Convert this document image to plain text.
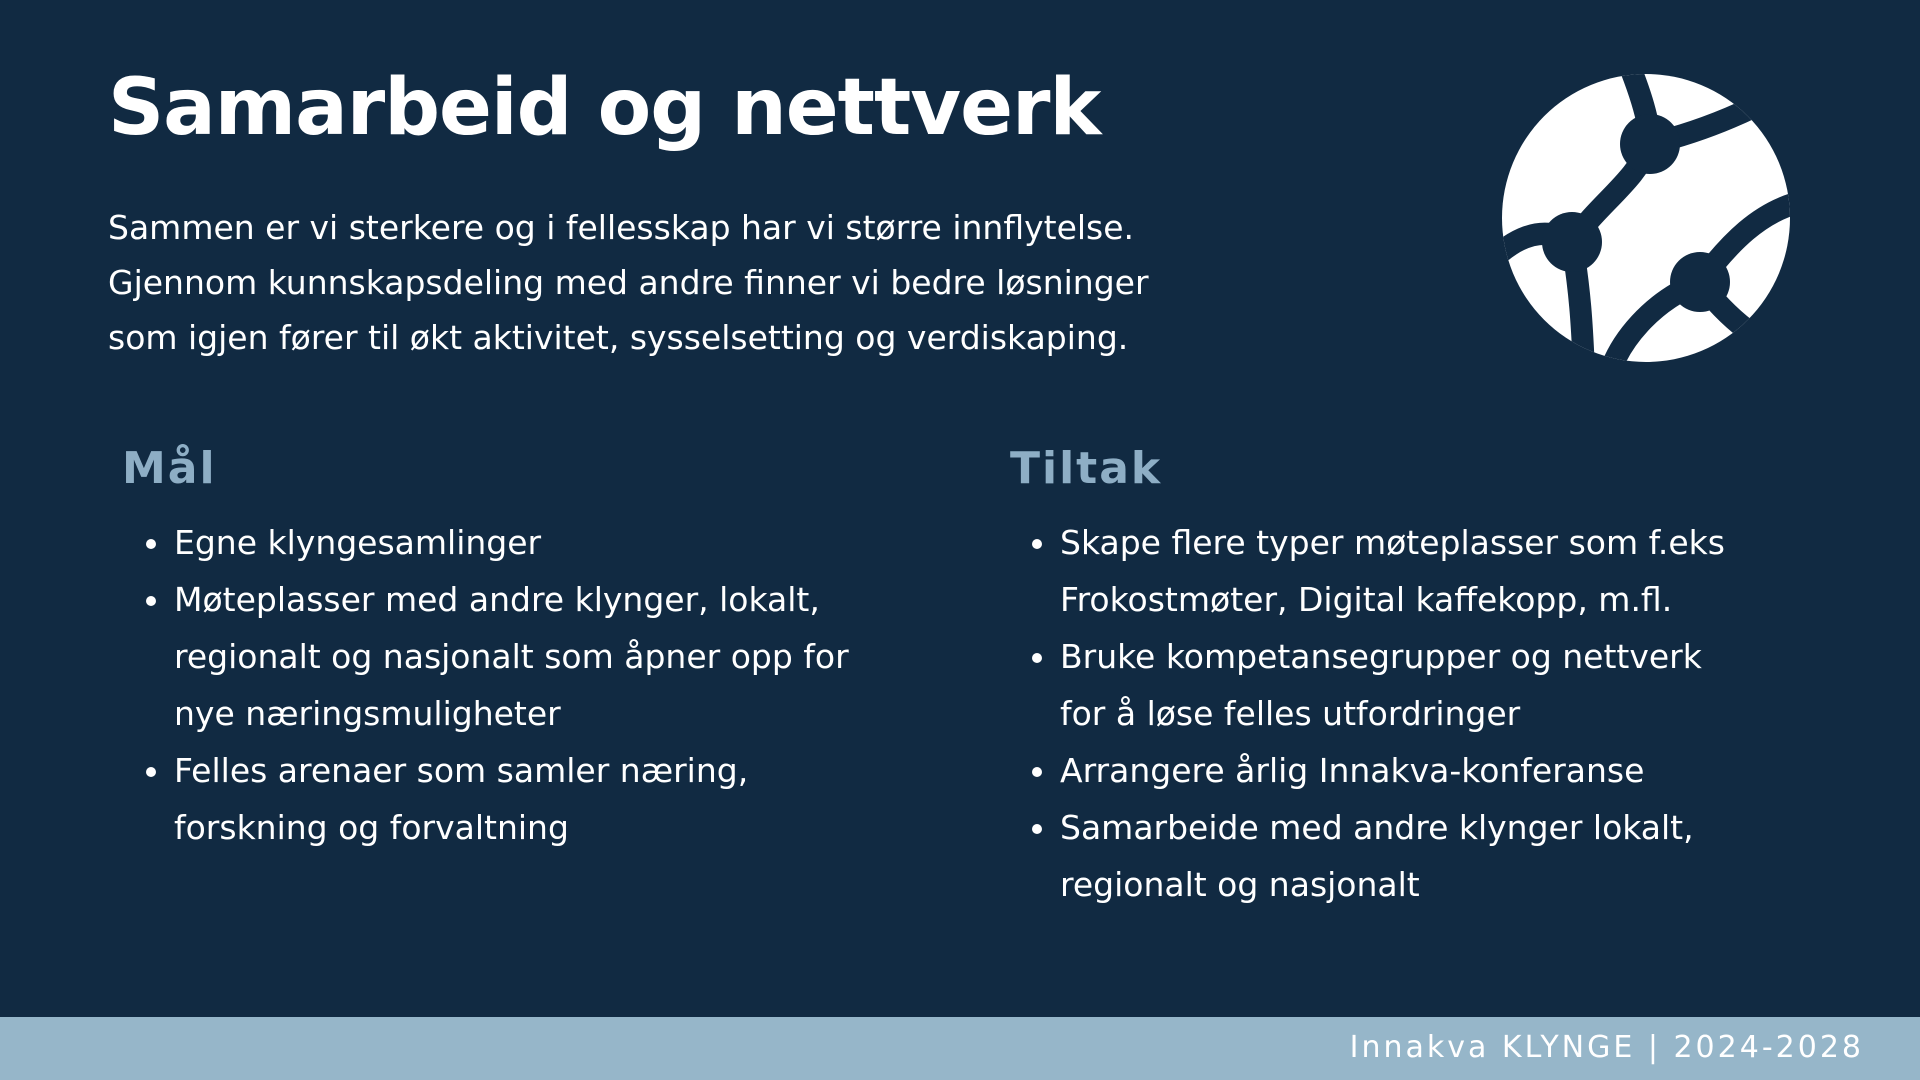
Samarbeid og nettverk

Sammen er vi sterkere og i fellesskap har vi større innflytelse.
Gjennom kunnskapsdeling med andre finner vi bedre løsninger
som igjen fører til økt aktivitet, sysselsetting og verdiskaping.

Mål
Egne klyngesamlinger
Møteplasser med andre klynger, lokalt,
regionalt og nasjonalt som åpner opp for
nye næringsmuligheter
Felles arenaer som samler næring,
forskning og forvaltning
Tiltak
Skape flere typer møteplasser som f.eks
Frokostmøter, Digital kaffekopp, m.fl.
Bruke kompetansegrupper og nettverk
for å løse felles utfordringer
Arrangere årlig Innakva-konferanse
Samarbeide med andre klynger lokalt,
regionalt og nasjonalt
Innakva KLYNGE | 2024-2028
